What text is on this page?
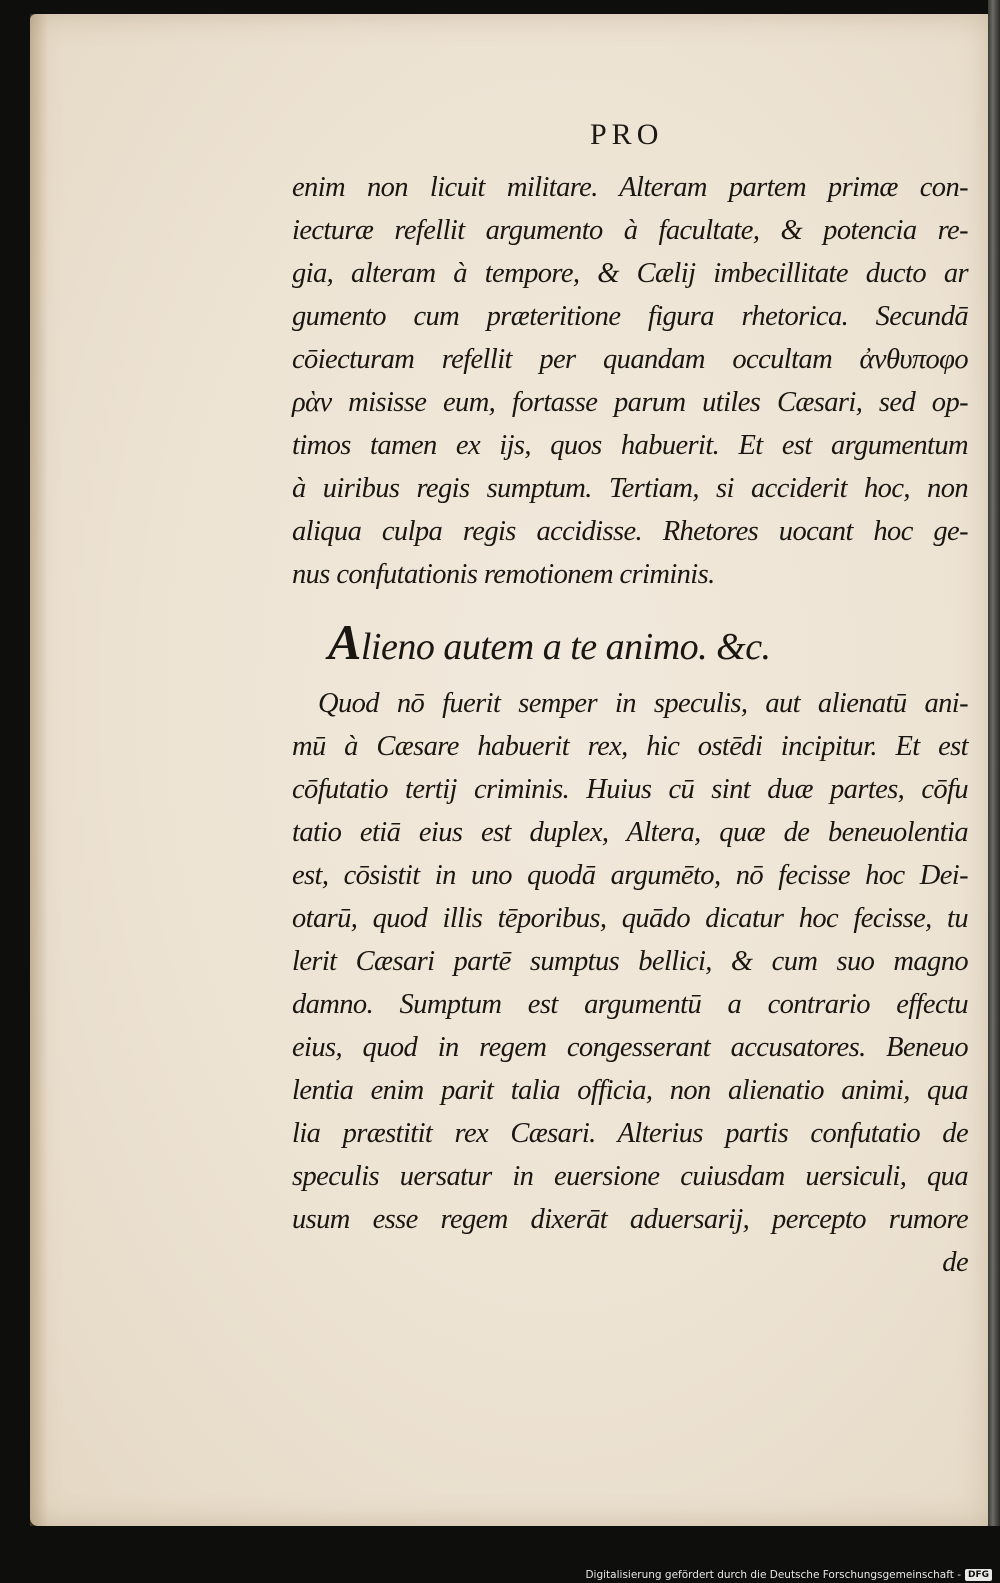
PRO
enim non licuit militare. Alteram partem primæ con-
iecturæ refellit argumento à facultate, & potencia re-
gia, alteram à tempore, & Cælij imbecillitate ducto ar
gumento cum præteritione figura rhetorica. Secundā
cōiecturam refellit per quandam occultam ἀνθυποφο
ρὰν misisse eum, fortasse parum utiles Cæsari, sed op-
timos tamen ex ijs, quos habuerit. Et est argumentum
à uiribus regis sumptum. Tertiam, si acciderit hoc, non
aliqua culpa regis accidisse. Rhetores uocant hoc ge-
nus confutationis remotionem criminis.
Alieno autem a te animo. &c.
Quod nō fuerit semper in speculis, aut alienatū ani-
mū à Cæsare habuerit rex, hic ostēdi incipitur. Et est
cōfutatio tertij criminis. Huius cū sint duæ partes, cōfu
tatio etiā eius est duplex, Altera, quæ de beneuolentia
est, cōsistit in uno quodā argumēto, nō fecisse hoc Dei-
otarū, quod illis tēporibus, quādo dicatur hoc fecisse, tu
lerit Cæsari partē sumptus bellici, & cum suo magno
damno. Sumptum est argumentū a contrario effectu
eius, quod in regem congesserant accusatores. Beneuo
lentia enim parit talia officia, non alienatio animi, qua
lia præstitit rex Cæsari. Alterius partis confutatio de
speculis uersatur in euersione cuiusdam uersiculi, qua
usum esse regem dixerāt aduersarij, percepto rumore
de
Digitalisierung gefördert durch die Deutsche Forschungsgemeinschaft - DFG
